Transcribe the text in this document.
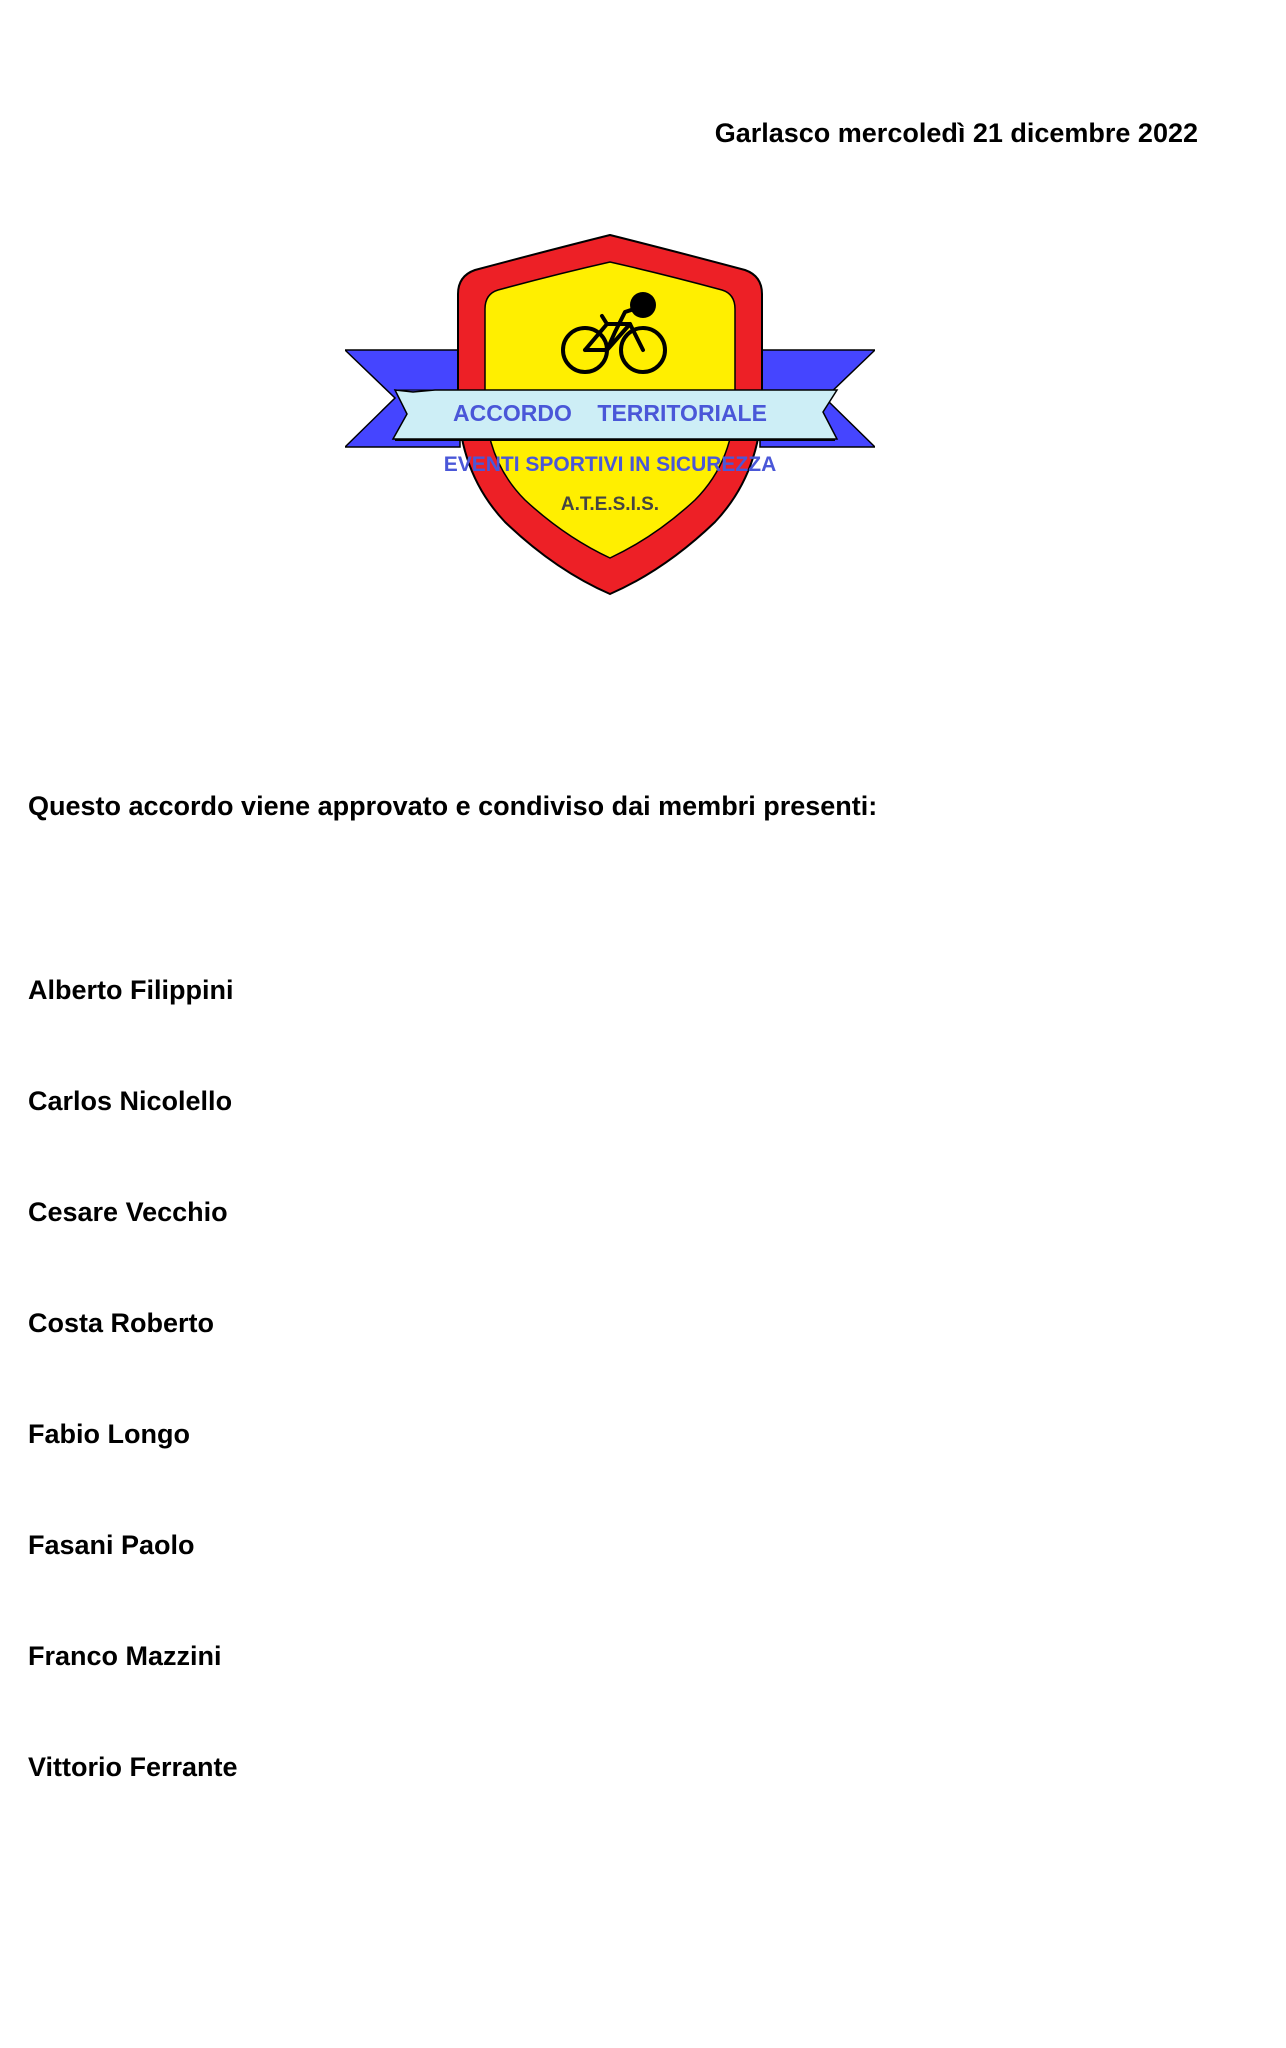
Garlasco mercoledì 21 dicembre 2022
ACCORDO    TERRITORIALE
EVENTI SPORTIVI IN SICUREZZA
A.T.E.S.I.S.
Questo accordo viene approvato e condiviso dai membri presenti:
Alberto Filippini
Carlos Nicolello
Cesare Vecchio
Costa Roberto
Fabio Longo
Fasani Paolo
Franco Mazzini
Vittorio Ferrante
